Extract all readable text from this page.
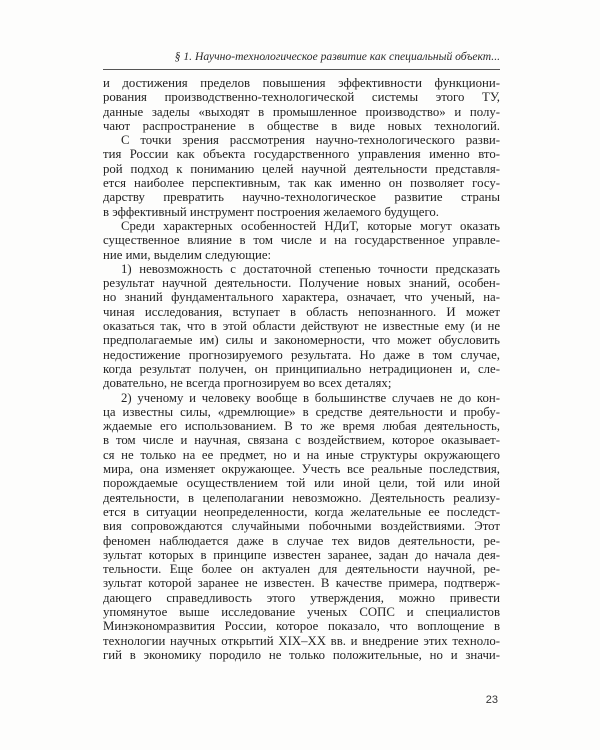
§ 1. Научно-технологическое развитие как специальный объект...
и достижения пределов повышения эффективности функциони-
рования производственно-технологической системы этого ТУ,
данные заделы «выходят в промышленное производство» и полу-
чают распространение в обществе в виде новых технологий.
С точки зрения рассмотрения научно-технологического разви-
тия России как объекта государственного управления именно вто-
рой подход к пониманию целей научной деятельности представля-
ется наиболее перспективным, так как именно он позволяет госу-
дарству превратить научно-технологическое развитие страны
в эффективный инструмент построения желаемого будущего.
Среди характерных особенностей НДиТ, которые могут оказать
существенное влияние в том числе и на государственное управле-
ние ими, выделим следующие:
1) невозможность с достаточной степенью точности предсказать
результат научной деятельности. Получение новых знаний, особен-
но знаний фундаментального характера, означает, что ученый, на-
чиная исследования, вступает в область непознанного. И может
оказаться так, что в этой области действуют не известные ему (и не
предполагаемые им) силы и закономерности, что может обусловить
недостижение прогнозируемого результата. Но даже в том случае,
когда результат получен, он принципиально нетрадиционен и, сле-
довательно, не всегда прогнозируем во всех деталях;
2) ученому и человеку вообще в большинстве случаев не до кон-
ца известны силы, «дремлющие» в средстве деятельности и пробу-
ждаемые его использованием. В то же время любая деятельность,
в том числе и научная, связана с воздействием, которое оказывает-
ся не только на ее предмет, но и на иные структуры окружающего
мира, она изменяет окружающее. Учесть все реальные последствия,
порождаемые осуществлением той или иной цели, той или иной
деятельности, в целеполагании невозможно. Деятельность реализу-
ется в ситуации неопределенности, когда желательные ее последст-
вия сопровождаются случайными побочными воздействиями. Этот
феномен наблюдается даже в случае тех видов деятельности, ре-
зультат которых в принципе известен заранее, задан до начала дея-
тельности. Еще более он актуален для деятельности научной, ре-
зультат которой заранее не известен. В качестве примера, подтверж-
дающего справедливость этого утверждения, можно привести
упомянутое выше исследование ученых СОПС и специалистов
Минэкономразвития России, которое показало, что воплощение в
технологии научных открытий XIX–XX вв. и внедрение этих техноло-
гий в экономику породило не только положительные, но и значи-
23
